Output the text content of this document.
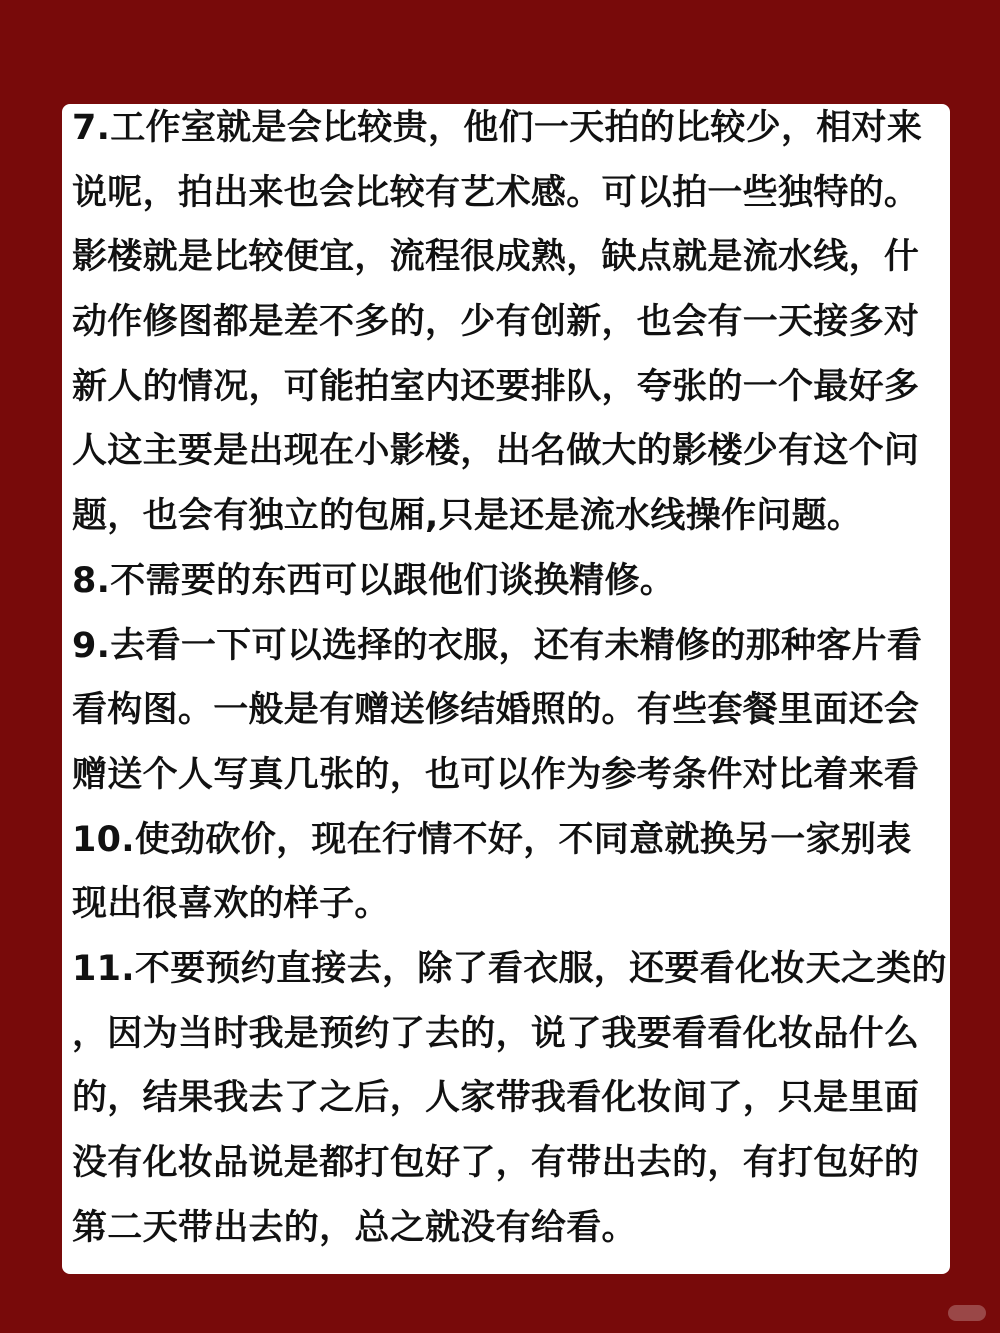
7.工作室就是会比较贵，他们一天拍的比较少，相对来
说呢，拍出来也会比较有艺术感。可以拍一些独特的。
影楼就是比较便宜，流程很成熟，缺点就是流水线，什
动作修图都是差不多的，少有创新，也会有一天接多对
新人的情况，可能拍室内还要排队，夸张的一个最好多
人这主要是出现在小影楼，出名做大的影楼少有这个问
题，也会有独立的包厢,只是还是流水线操作问题。
8.不需要的东西可以跟他们谈换精修。
9.去看一下可以选择的衣服，还有未精修的那种客片看
看构图。一般是有赠送修结婚照的。有些套餐里面还会
赠送个人写真几张的，也可以作为参考条件对比着来看
10.使劲砍价，现在行情不好，不同意就换另一家别表
现出很喜欢的样子。
11.不要预约直接去，除了看衣服，还要看化妆天之类的
，因为当时我是预约了去的，说了我要看看化妆品什么
的，结果我去了之后，人家带我看化妆间了，只是里面
没有化妆品说是都打包好了，有带出去的，有打包好的
第二天带出去的，总之就没有给看。
